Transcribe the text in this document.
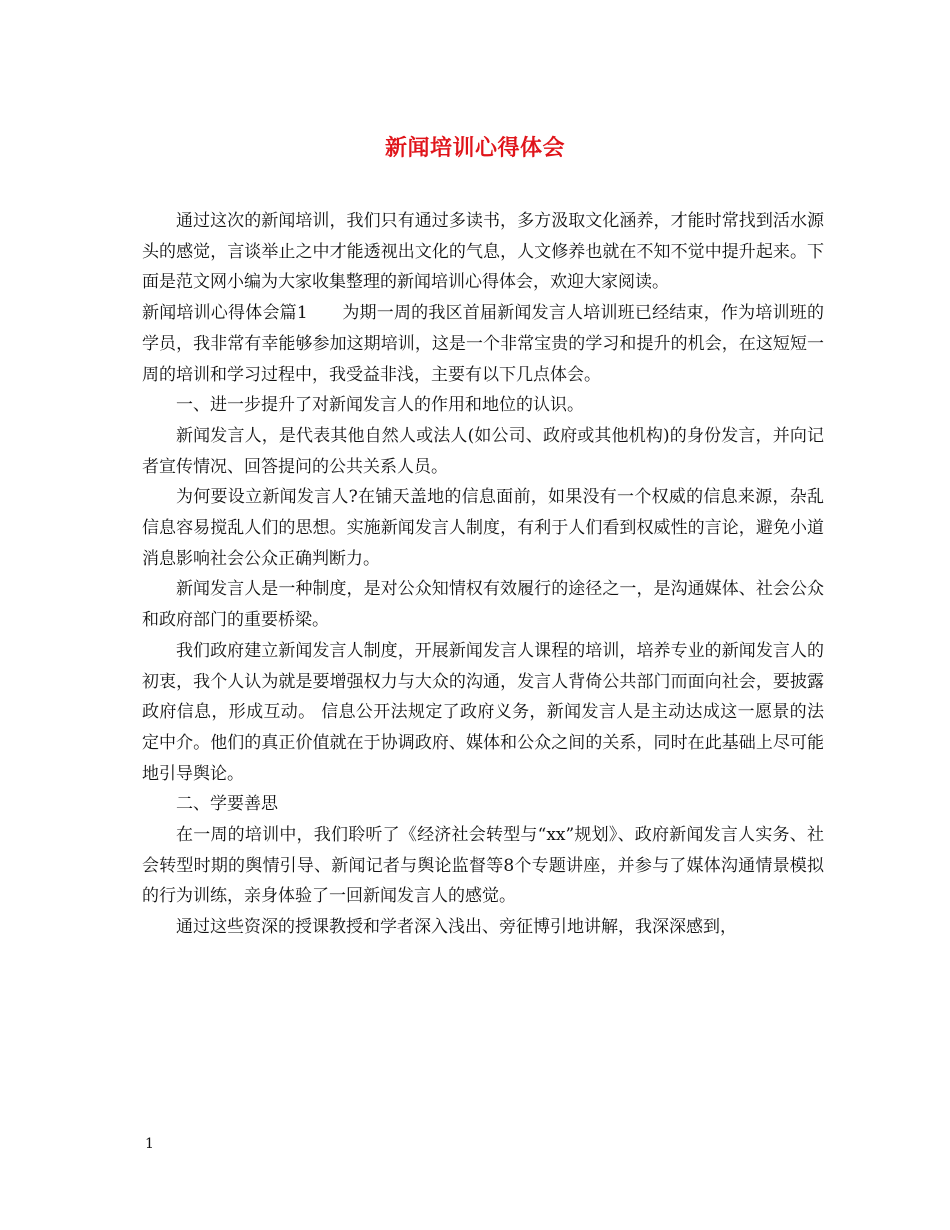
新闻培训心得体会

通过这次的新闻培训，我们只有通过多读书，多方汲取文化涵养，才能时常找到活水源头的感觉，言谈举止之中才能透视出文化的气息，人文修养也就在不知不觉中提升起来。下面是范文网小编为大家收集整理的新闻培训心得体会，欢迎大家阅读。

新闻培训心得体会篇1　　为期一周的我区首届新闻发言人培训班已经结束，作为培训班的学员，我非常有幸能够参加这期培训，这是一个非常宝贵的学习和提升的机会，在这短短一周的培训和学习过程中，我受益非浅，主要有以下几点体会。

一、进一步提升了对新闻发言人的作用和地位的认识。

新闻发言人，是代表其他自然人或法人(如公司、政府或其他机构)的身份发言，并向记者宣传情况、回答提问的公共关系人员。

为何要设立新闻发言人?在铺天盖地的信息面前，如果没有一个权威的信息来源，杂乱信息容易搅乱人们的思想。实施新闻发言人制度，有利于人们看到权威性的言论，避免小道消息影响社会公众正确判断力。

新闻发言人是一种制度，是对公众知情权有效履行的途径之一，是沟通媒体、社会公众和政府部门的重要桥梁。

我们政府建立新闻发言人制度，开展新闻发言人课程的培训，培养专业的新闻发言人的初衷，我个人认为就是要增强权力与大众的沟通，发言人背倚公共部门而面向社会，要披露政府信息，形成互动。 信息公开法规定了政府义务，新闻发言人是主动达成这一愿景的法定中介。他们的真正价值就在于协调政府、媒体和公众之间的关系，同时在此基础上尽可能地引导舆论。

二、学要善思

在一周的培训中，我们聆听了《经济社会转型与“xx”规划》、政府新闻发言人实务、社会转型时期的舆情引导、新闻记者与舆论监督等8个专题讲座，并参与了媒体沟通情景模拟的行为训练，亲身体验了一回新闻发言人的感觉。

通过这些资深的授课教授和学者深入浅出、旁征博引地讲解，我深深感到，

1
